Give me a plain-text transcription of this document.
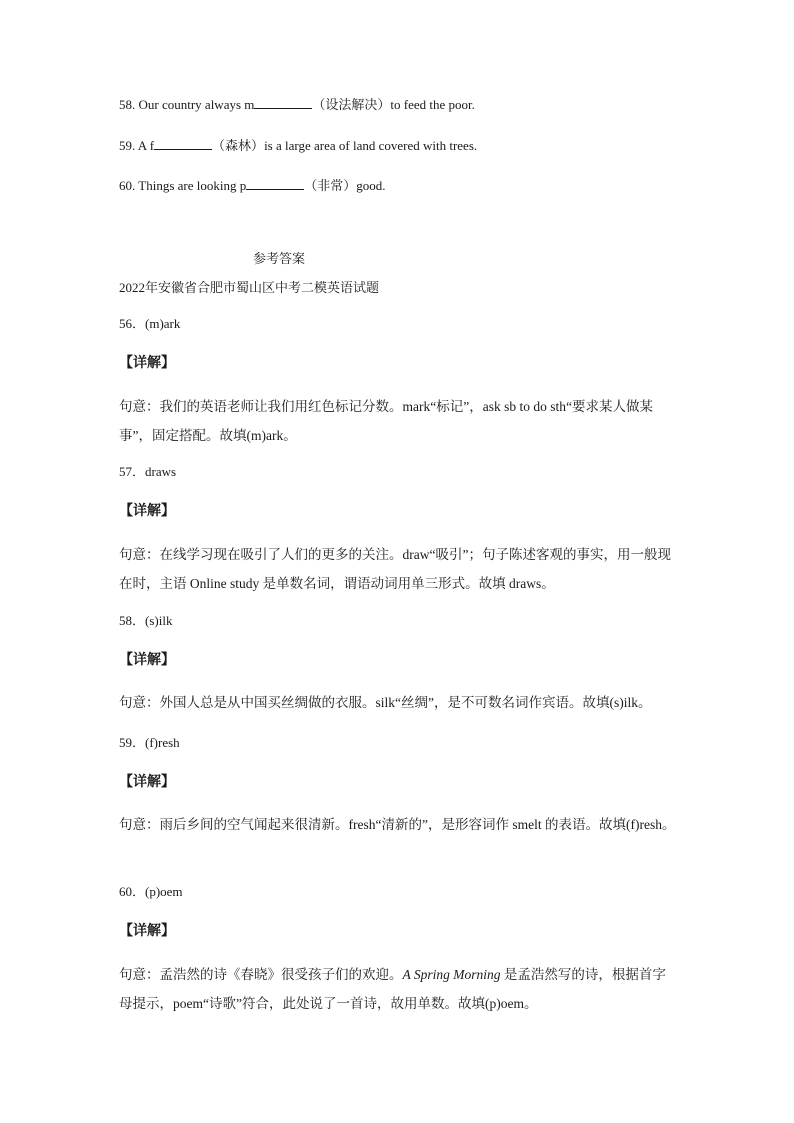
58. Our country always m	（设法解决）to feed the poor.
59. A f	（森林）is a large area of land covered with trees.
60. Things are looking p	（非常）good.
参考答案
2022年安徽省合肥市蜀山区中考二模英语试题
56．(m)ark
【详解】
句意：我们的英语老师让我们用红色标记分数。mark“标记”，ask sb to do sth“要求某人做某事”，固定搭配。故填(m)ark。
57．draws
【详解】
句意：在线学习现在吸引了人们的更多的关注。draw“吸引”；句子陈述客观的事实，用一般现在时，主语 Online study 是单数名词，谓语动词用单三形式。故填 draws。
58．(s)ilk
【详解】
句意：外国人总是从中国买丝绸做的衣服。silk“丝绸”，是不可数名词作宾语。故填(s)ilk。
59．(f)resh
【详解】
句意：雨后乡间的空气闻起来很清新。fresh“清新的”，是形容词作 smelt 的表语。故填(f)resh。
60．(p)oem
【详解】
句意：孟浩然的诗《春晓》很受孩子们的欢迎。A Spring Morning 是孟浩然写的诗，根据首字母提示，poem“诗歌”符合，此处说了一首诗，故用单数。故填(p)oem。
